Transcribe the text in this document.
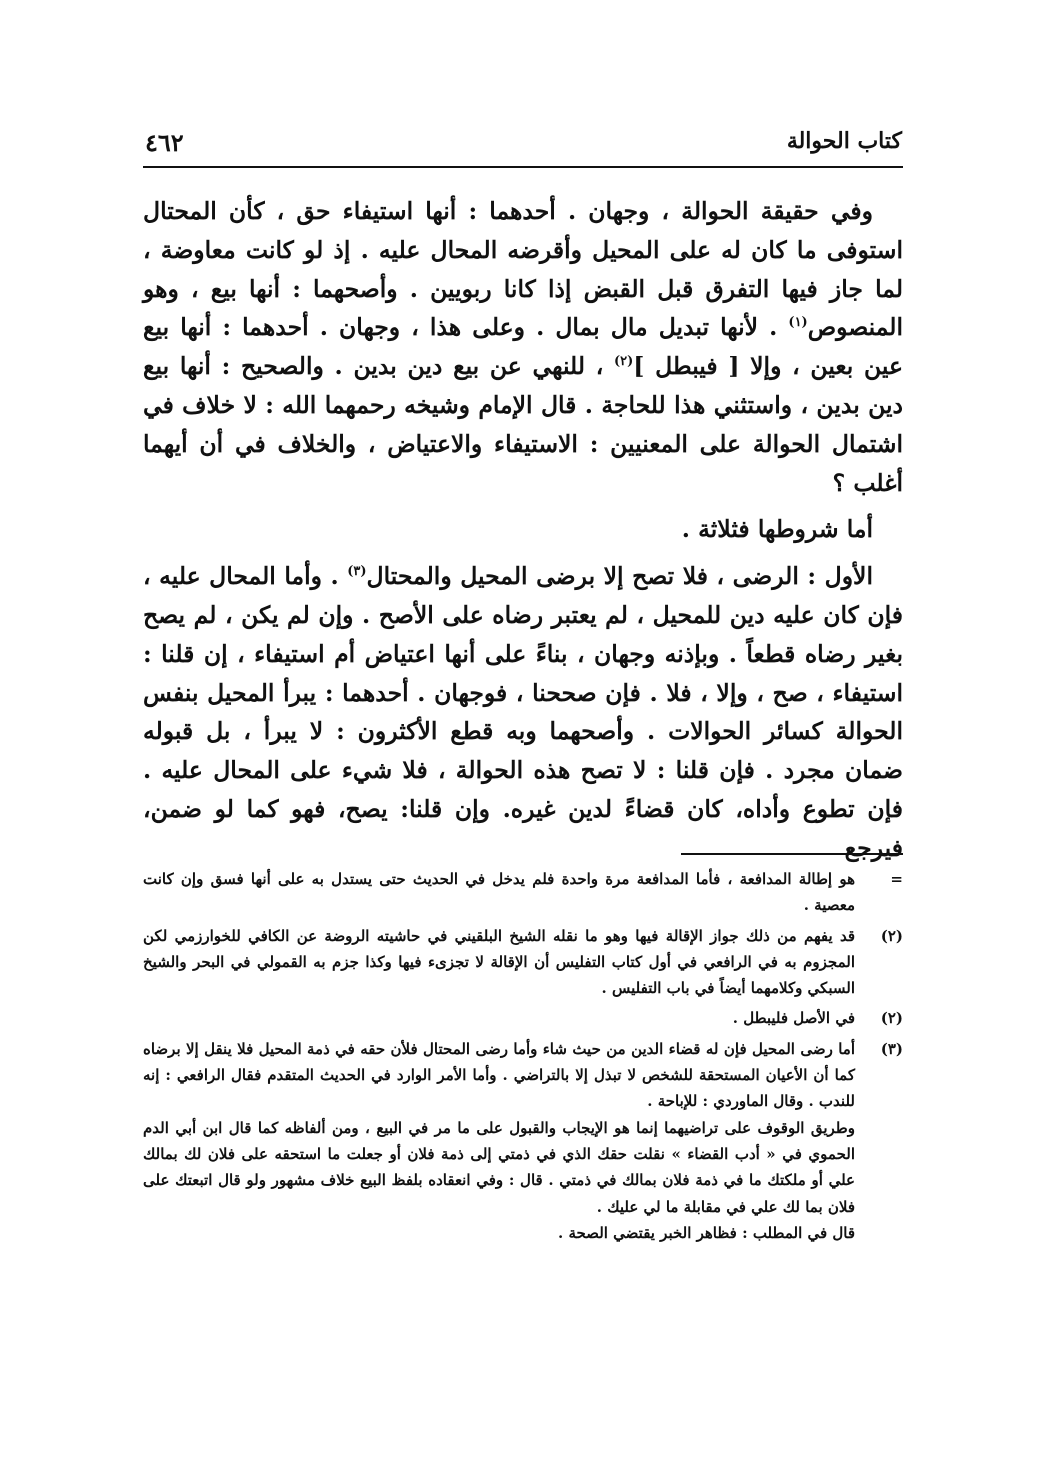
كتاب الحوالة
٤٦٢

وفي حقيقة الحوالة ، وجهان . أحدهما : أنها استيفاء حق ، كأن المحتال استوفى ما كان له على المحيل وأقرضه المحال عليه . إذ لو كانت معاوضة ، لما جاز فيها التفرق قبل القبض إذا كانا ربويين . وأصحهما : أنها بيع ، وهو المنصوص$^{(١)}$ . لأنها تبديل مال بمال . وعلى هذا ، وجهان . أحدهما : أنها بيع عين بعين ، وإلا [ فيبطل ]$^{(٢)}$ ، للنهي عن بيع دين بدين . والصحيح : أنها بيع دين بدين ، واستثني هذا للحاجة . قال الإمام وشيخه رحمهما الله : لا خلاف في اشتمال الحوالة على المعنيين : الاستيفاء والاعتياض ، والخلاف في أن أيهما أغلب ؟

أما شروطها فثلاثة .

الأول : الرضى ، فلا تصح إلا برضى المحيل والمحتال$^{(٣)}$ . وأما المحال عليه ، فإن كان عليه دين للمحيل ، لم يعتبر رضاه على الأصح . وإن لم يكن ، لم يصح بغير رضاه قطعاً . وبإذنه وجهان ، بناءً على أنها اعتياض أم استيفاء ، إن قلنا : استيفاء ، صح ، وإلا ، فلا . فإن صححنا ، فوجهان . أحدهما : يبرأ المحيل بنفس الحوالة كسائر الحوالات . وأصحهما وبه قطع الأكثرون : لا يبرأ ، بل قبوله ضمان مجرد . فإن قلنا : لا تصح هذه الحوالة ، فلا شيء على المحال عليه . فإن تطوع وأداه، كان قضاءً لدين غيره. وإن قلنا: يصح، فهو كما لو ضمن، فيرجع

=
هو إطالة المدافعة ، فأما المدافعة مرة واحدة فلم يدخل في الحديث حتى يستدل به على أنها فسق وإن كانت معصية .

(٢)
قد يفهم من ذلك جواز الإقالة فيها وهو ما نقله الشيخ البلقيني في حاشيته الروضة عن الكافي للخوارزمي لكن المجزوم به في الرافعي في أول كتاب التفليس أن الإقالة لا تجزىء فيها وكذا جزم به القمولي في البحر والشيخ السبكي وكلامهما أيضاً في باب التفليس .

(٢)
في الأصل فليبطل .

(٣)
أما رضى المحيل فإن له قضاء الدين من حيث شاء وأما رضى المحتال فلأن حقه في ذمة المحيل فلا ينقل إلا برضاه كما أن الأعيان المستحقة للشخص لا تبذل إلا بالتراضي . وأما الأمر الوارد في الحديث المتقدم فقال الرافعي : إنه للندب . وقال الماوردي : للإباحة .
وطريق الوقوف على تراضيهما إنما هو الإيجاب والقبول على ما مر في البيع ، ومن ألفاظه كما قال ابن أبي الدم الحموي في « أدب القضاء » نقلت حقك الذي في ذمتي إلى ذمة فلان أو جعلت ما استحقه على فلان لك بمالك علي أو ملكتك ما في ذمة فلان بمالك في ذمتي . قال : وفي انعقاده بلفظ البيع خلاف مشهور ولو قال اتبعتك على فلان بما لك علي في مقابلة ما لي عليك .
قال في المطلب : فظاهر الخبر يقتضي الصحة .
